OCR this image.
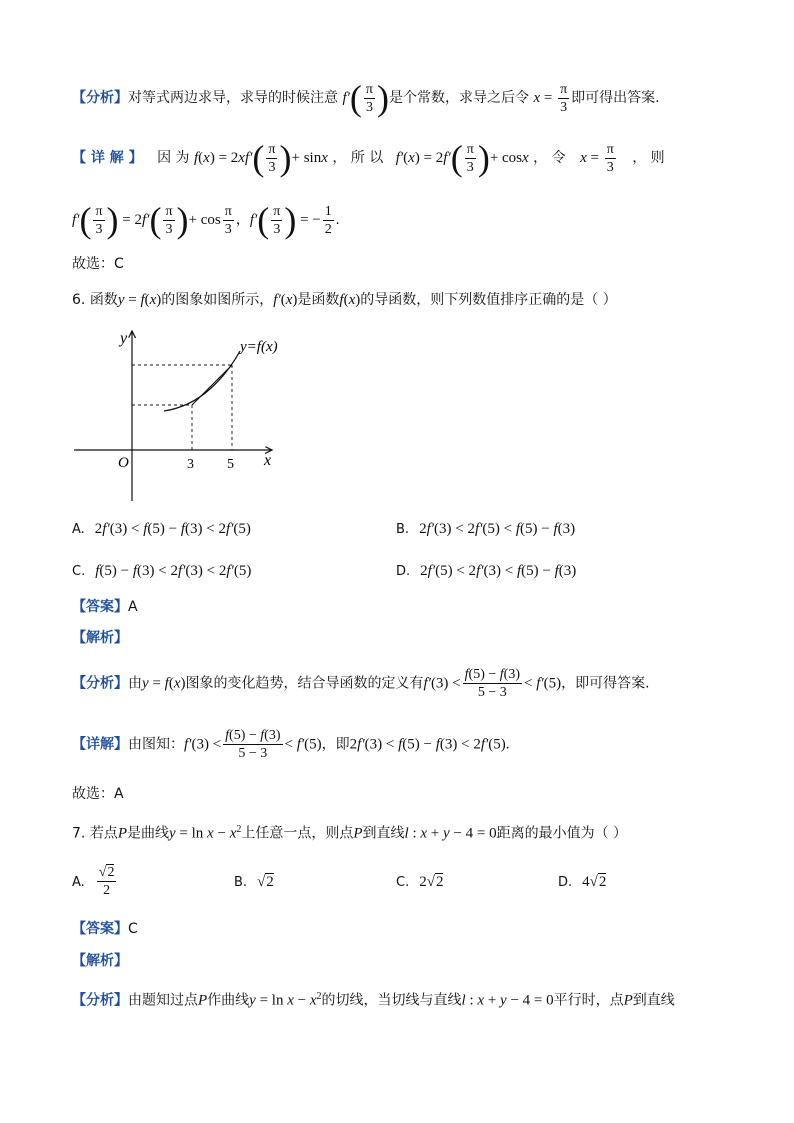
【分析】对等式两边求导，求导的时候注意 $f'( \frac{\pi}{3}$ )是个常数，求导之后令 $x = \frac{\pi}{3}$ 即可得出答案.
【 详 解 】 因 为 $f(x) = 2xf'( \frac{\pi}{3}$ )+ sinx ， 所 以 $f'(x) = 2f'( \frac{\pi}{3}$ )+ cosx ， 令 $x = \frac{\pi}{3}$ ， 则
$f'( \frac{\pi}{3}$ ) = $2f'( \frac{\pi}{3}$ )+ $\cos \frac{\pi}{3}$ ，$f'( \frac{\pi}{3}$ ) = − $\frac{1}{2}$ .
故选：C
6. 函数y = f(x)的图象如图所示，f′(x)是函数f(x)的导函数，则下列数值排序正确的是（ ）
y
x
O	3 5
y=f(x)
A. 2f′(3) < f(5) − f(3) < 2f′(5)	B. 2f′(3) < 2f′(5) < f(5) − f(3)
C. f(5) − f(3) < 2f′(3) < 2f′(5)	D. 2f′(5) < 2f′(3) < f(5) − f(3)
【答案】A
【解析】
【分析】由y = f(x)图象的变化趋势，结合导函数的定义有$f'(3) < \frac{f(5) - f(3)}{5 - 3} < f'(5)$，即可得答案.
【详解】由图知：$f'(3) < \frac{f(5) - f(3)}{5 - 3} < f'(5)$，即2f′(3) < f(5) − f(3) < 2f′(5).
故选：A
7. 若点P是曲线$y = \ln x - x^2$上任意一点，则点P到直线l : x + y − 4 = 0距离的最小值为（ ）
A. $\frac{√2}{2}$	B. √2	C. 2√2	D. 4√2
【答案】C
【解析】
【分析】由题知过点P作曲线$y = \ln x - x^2$的切线，当切线与直线l : x + y − 4 = 0平行时，点P到直线
